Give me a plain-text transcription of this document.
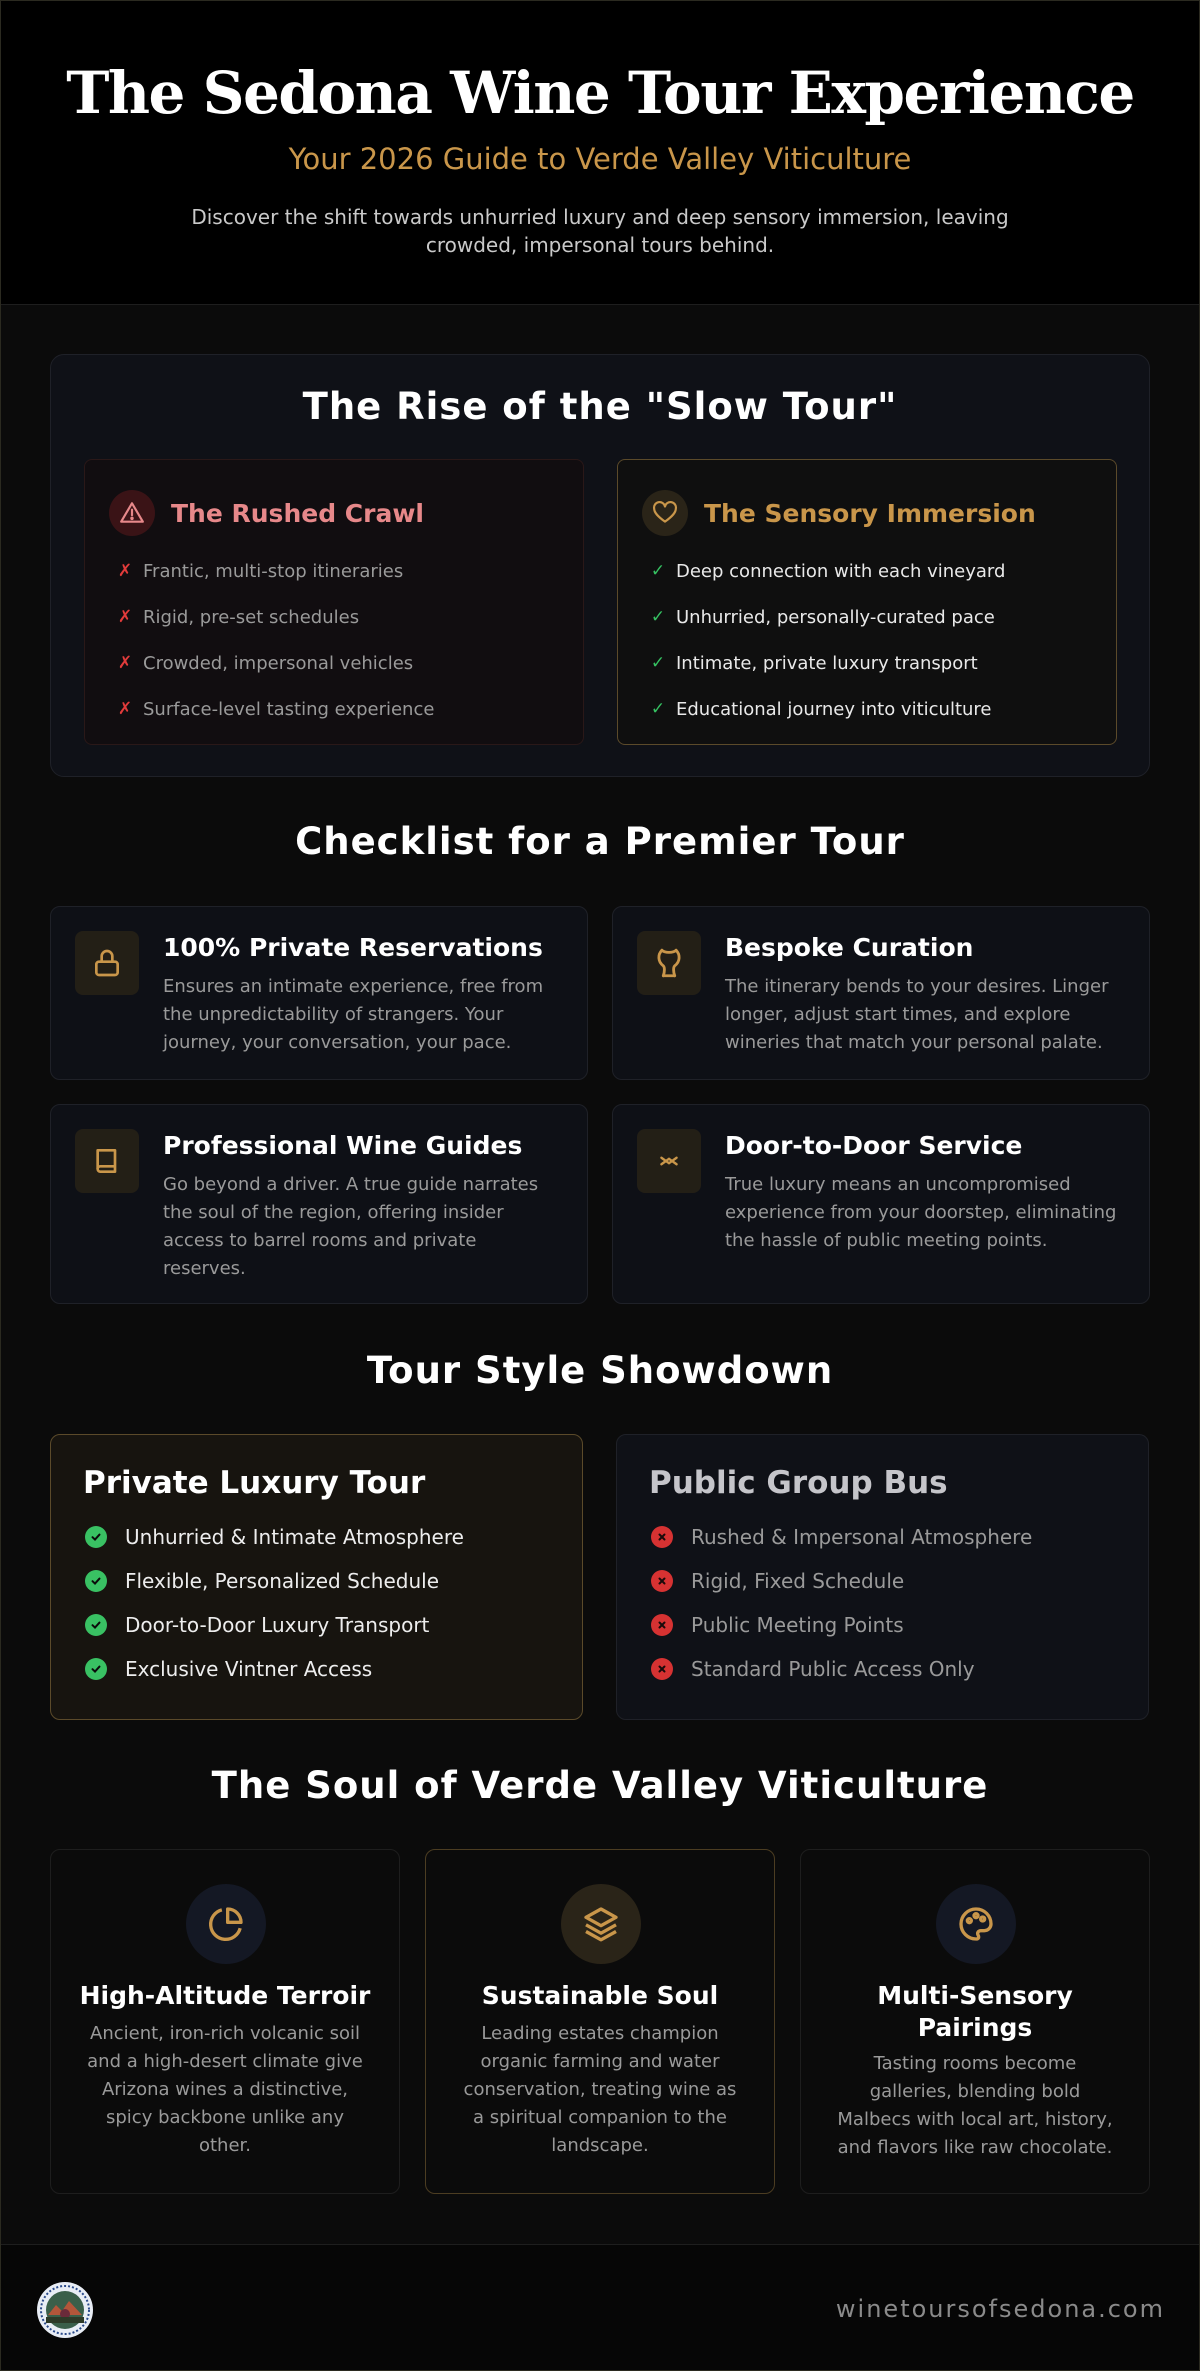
The Sedona Wine Tour Experience
Your 2026 Guide to Verde Valley Viticulture
Discover the shift towards unhurried luxury and deep sensory immersion, leaving crowded, impersonal tours behind.
The Rise of the "Slow Tour"
The Rushed Crawl
✗ Frantic, multi-stop itineraries
✗ Rigid, pre-set schedules
✗ Crowded, impersonal vehicles
✗ Surface-level tasting experience
The Sensory Immersion
✓ Deep connection with each vineyard
✓ Unhurried, personally-curated pace
✓ Intimate, private luxury transport
✓ Educational journey into viticulture
Checklist for a Premier Tour
100% Private Reservations

Ensures an intimate experience, free from the unpredictability of strangers. Your journey, your conversation, your pace.

Bespoke Curation

The itinerary bends to your desires. Linger longer, adjust start times, and explore wineries that match your personal palate.

Professional Wine Guides

Go beyond a driver. A true guide narrates the soul of the region, offering insider access to barrel rooms and private reserves.

Door-to-Door Service

True luxury means an uncompromised experience from your doorstep, eliminating the hassle of public meeting points.

Tour Style Showdown
Private Luxury Tour
Unhurried & Intimate Atmosphere
Flexible, Personalized Schedule
Door-to-Door Luxury Transport
Exclusive Vintner Access
Public Group Bus
Rushed & Impersonal Atmosphere
Rigid, Fixed Schedule
Public Meeting Points
Standard Public Access Only
The Soul of Verde Valley Viticulture
High-Altitude Terroir

Ancient, iron-rich volcanic soil and a high-desert climate give Arizona wines a distinctive, spicy backbone unlike any other.

Sustainable Soul

Leading estates champion organic farming and water conservation, treating wine as a spiritual companion to the landscape.

Multi-Sensory Pairings

Tasting rooms become galleries, blending bold Malbecs with local art, history, and flavors like raw chocolate.

winetoursofsedona.com
